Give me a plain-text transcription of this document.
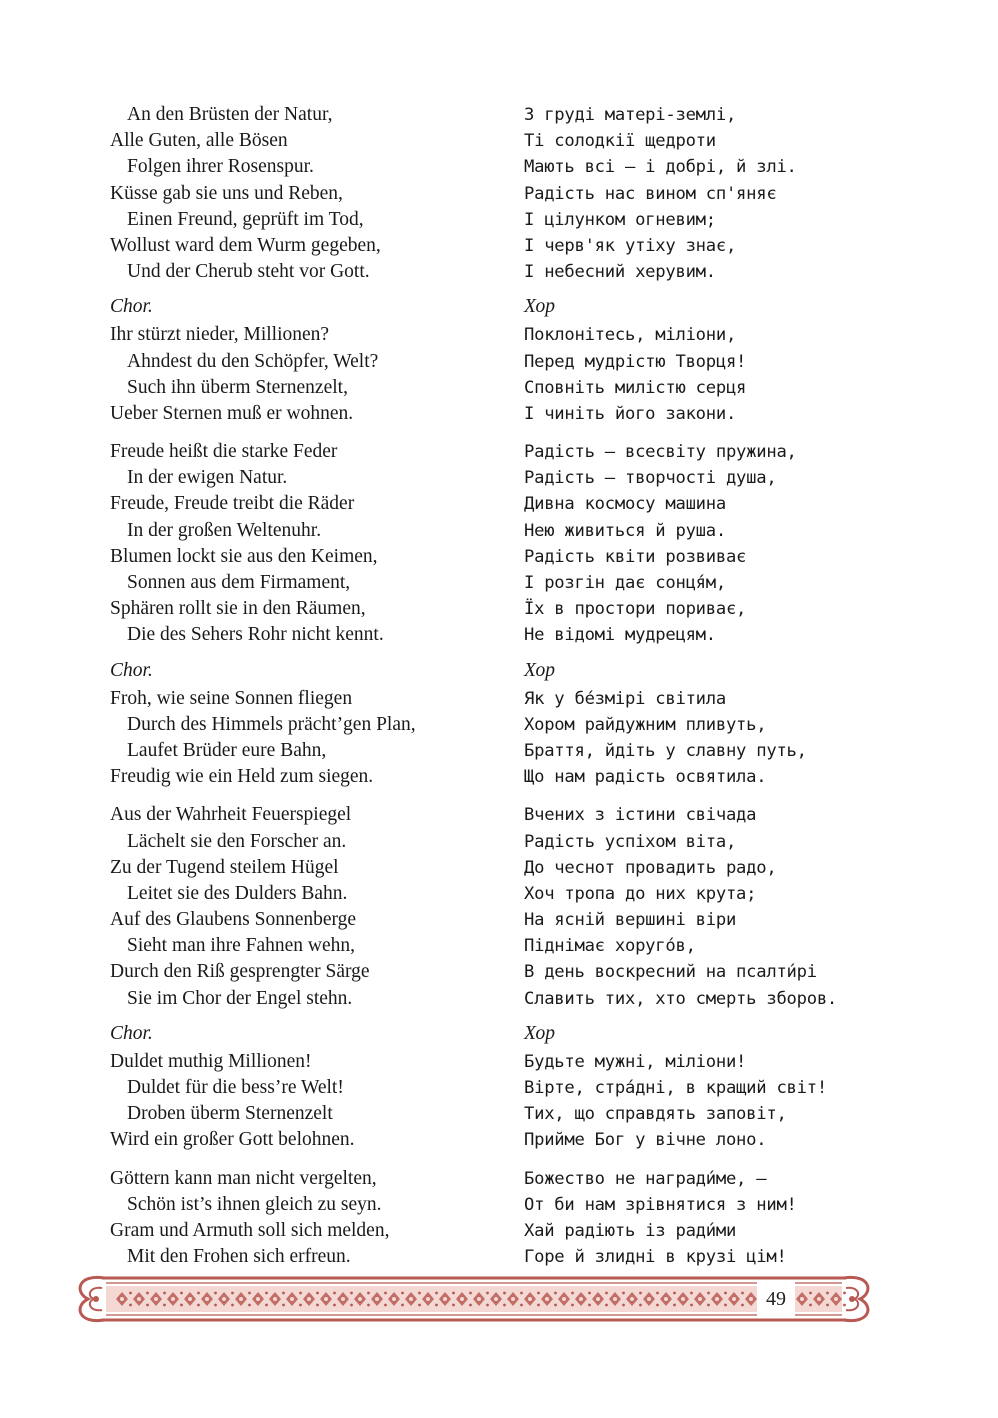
An den Brüsten der Natur,
Alle Guten, alle Bösen
Folgen ihrer Rosenspur.
Küsse gab sie uns und Reben,
Einen Freund, geprüft im Tod,
Wollust ward dem Wurm gegeben,
Und der Cherub steht vor Gott.
Chor.
Ihr stürzt nieder, Millionen?
Ahndest du den Schöpfer, Welt?
Such ihn überm Sternenzelt,
Ueber Sternen muß er wohnen.
Freude heißt die starke Feder
In der ewigen Natur.
Freude, Freude treibt die Räder
In der großen Weltenuhr.
Blumen lockt sie aus den Keimen,
Sonnen aus dem Firmament,
Sphären rollt sie in den Räumen,
Die des Sehers Rohr nicht kennt.
Chor.
Froh, wie seine Sonnen fliegen
Durch des Himmels prächt’gen Plan,
Laufet Brüder eure Bahn,
Freudig wie ein Held zum siegen.
Aus der Wahrheit Feuerspiegel
Lächelt sie den Forscher an.
Zu der Tugend steilem Hügel
Leitet sie des Dulders Bahn.
Auf des Glaubens Sonnenberge
Sieht man ihre Fahnen wehn,
Durch den Riß gesprengter Särge
Sie im Chor der Engel stehn.
Chor.
Duldet muthig Millionen!
Duldet für die bess’re Welt!
Droben überm Sternenzelt
Wird ein großer Gott belohnen.
Göttern kann man nicht vergelten,
Schön ist’s ihnen gleich zu seyn.
Gram und Armuth soll sich melden,
Mit den Frohen sich erfreun.
З груді матері-землі,
Ті солодкії щедроти
Мають всі — і добрі, й злі.
Радість нас вином сп'яняє
І цілунком огневим;
І черв'як утіху знає,
І небесний херувим.
Хор
Поклонітесь, міліони,
Перед мудрістю Творця!
Сповніть милістю серця
І чиніть його закони.
Радість — всесвіту пружина,
Радість — творчості душа,
Дивна космосу машина
Нею живиться й руша.
Радість квіти розвиває
І розгін дає сонця́м,
Їх в простори пориває,
Не відомі мудрецям.
Хор
Як у бе́змірі світила
Хором райдужним пливуть,
Браття, йдіть у славну путь,
Що нам радість освятила.
Вчених з істини свічада
Радість успіхом віта,
До чеснот провадить радо,
Хоч тропа до них крута;
На ясній вершині віри
Піднімає хоруго́в,
В день воскресний на псалти́рі
Славить тих, хто смерть зборов.
Хор
Будьте мужні, міліони!
Вірте, стра́дні, в кращий світ!
Тих, що справдять заповіт,
Прийме Бог у вічне лоно.
Божество не награди́ме, —
От би нам зрівнятися з ним!
Хай радіють із ради́ми
Горе й злидні в крузі цім!
49
